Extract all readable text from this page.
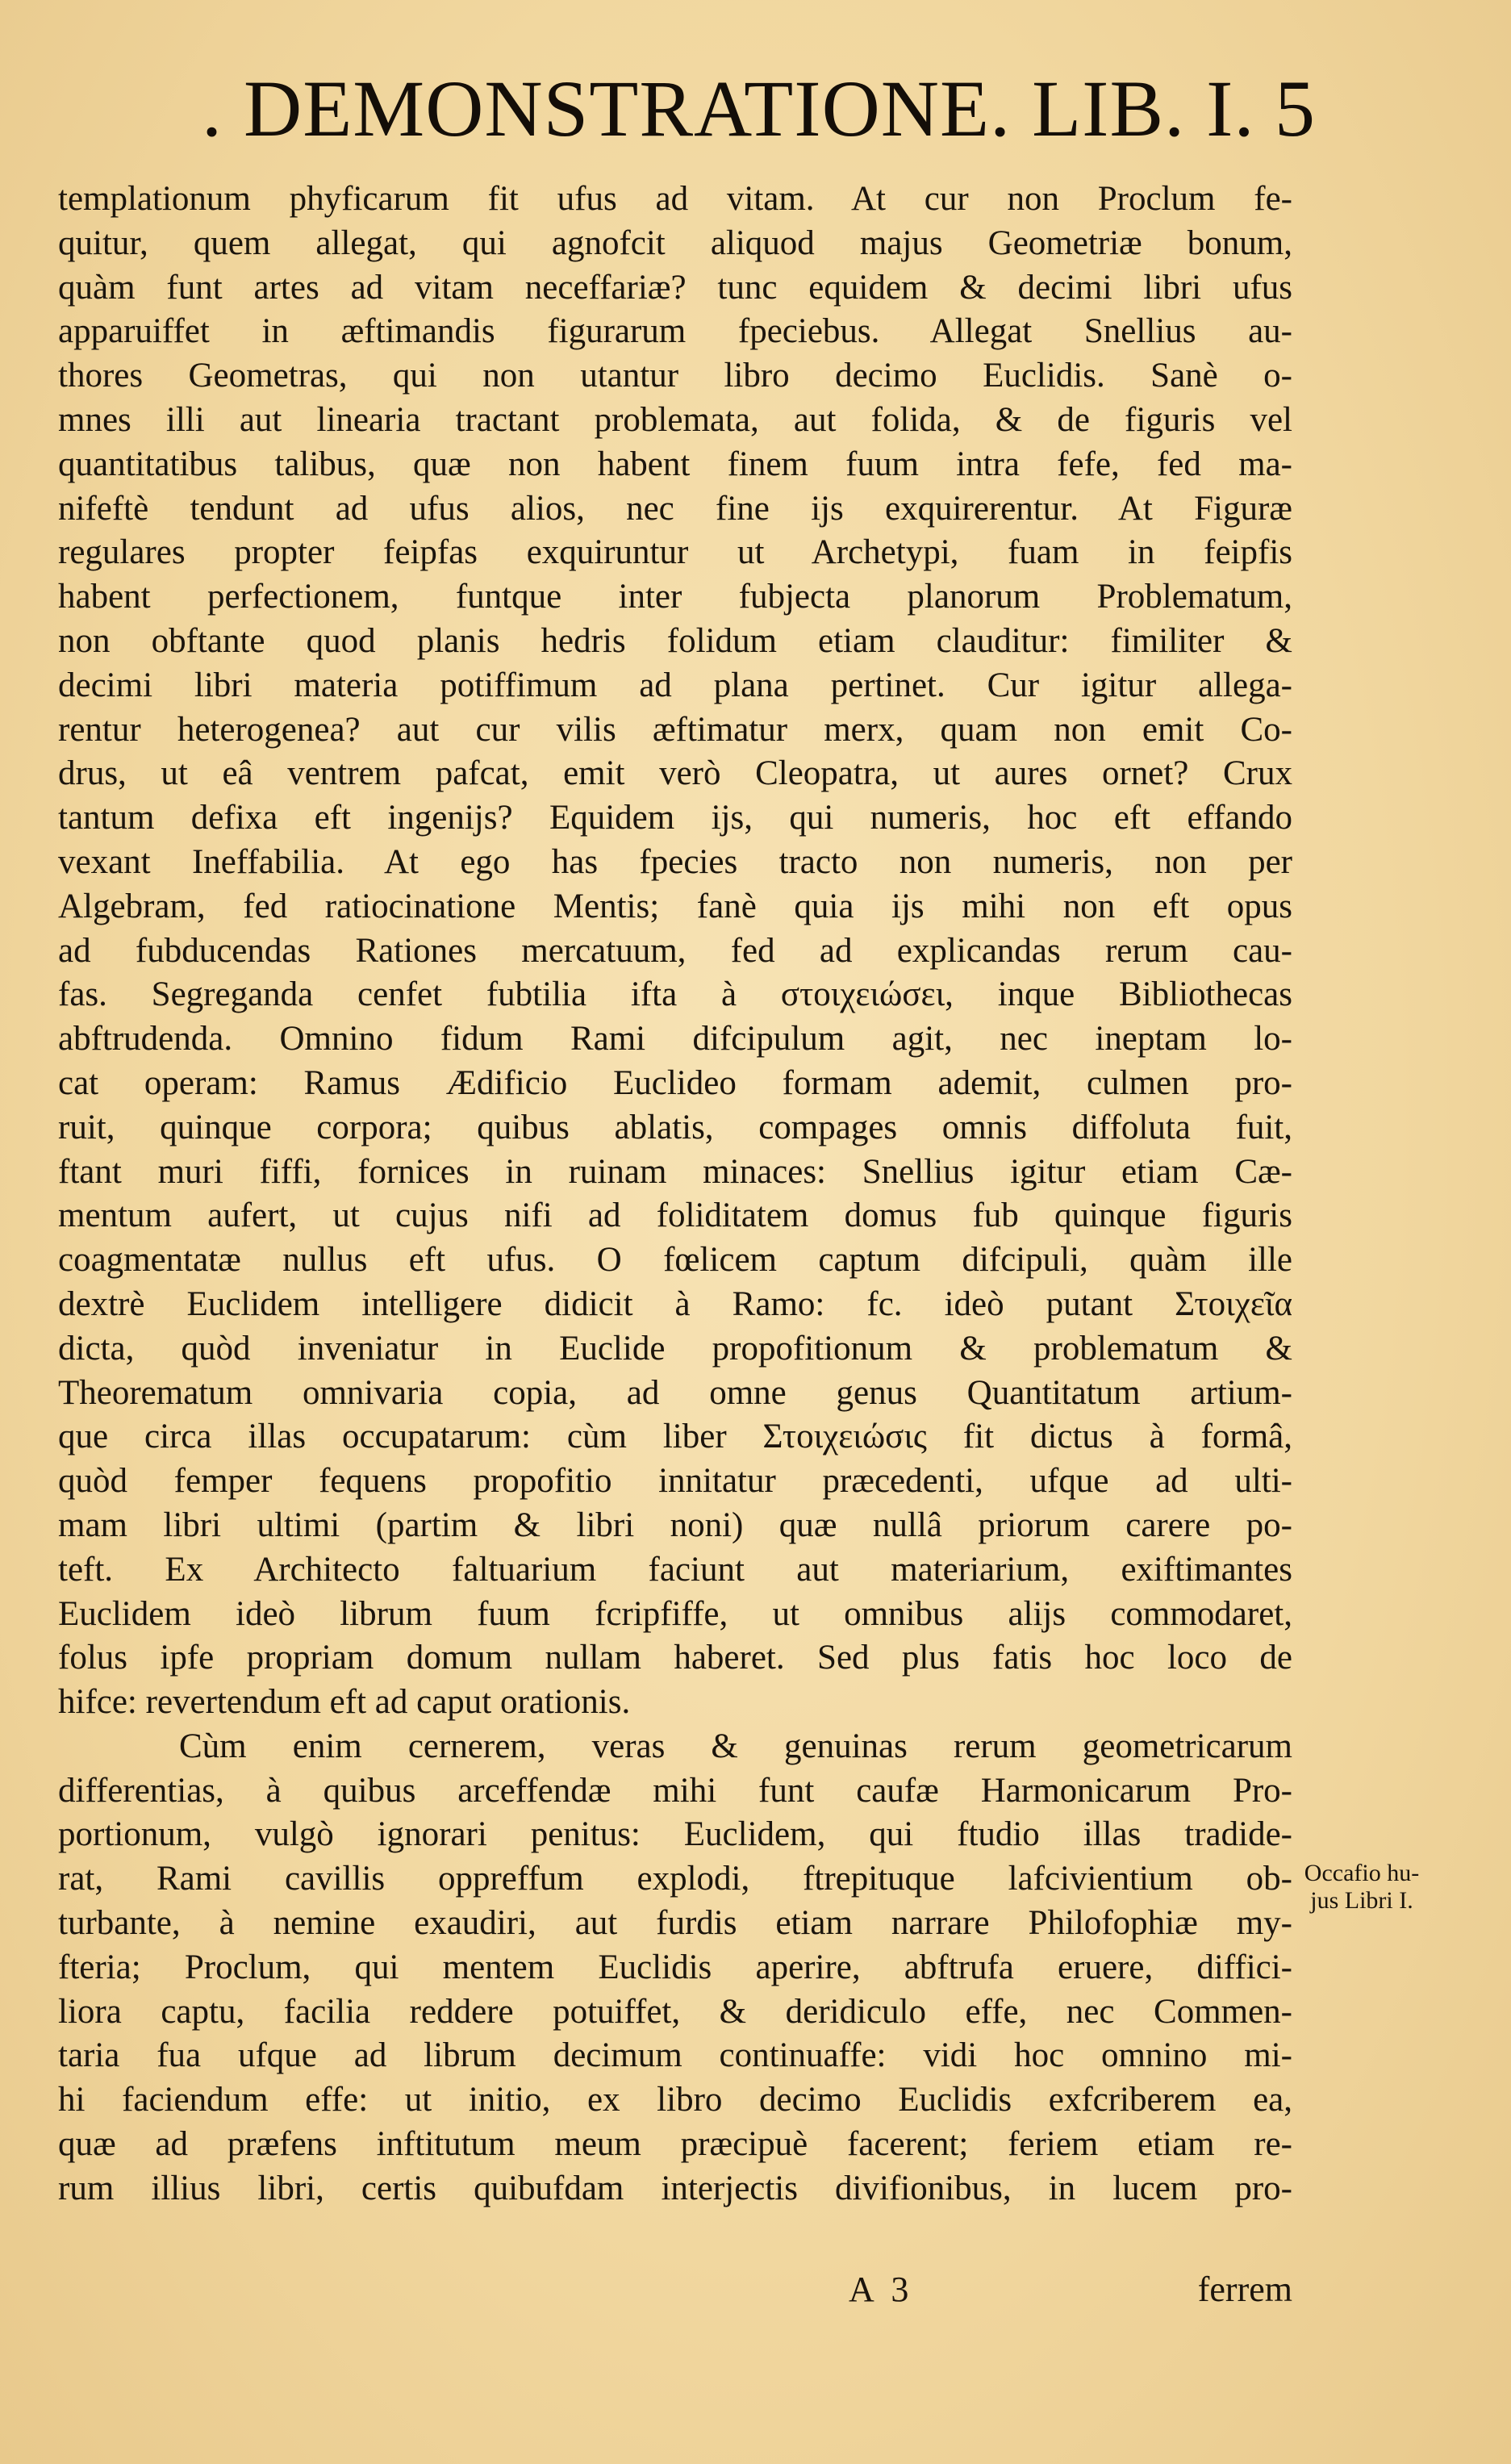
. DEMONSTRATIONE. LIB. I. 5
templationum phyficarum fit ufus ad vitam. At cur non Proclum fe-
quitur, quem allegat, qui agnofcit aliquod majus Geometriæ bonum,
quàm funt artes ad vitam neceffariæ? tunc equidem & decimi libri ufus
apparuiffet in æftimandis figurarum fpeciebus. Allegat Snellius au-
thores Geometras, qui non utantur libro decimo Euclidis. Sanè o-
mnes illi aut linearia tractant problemata, aut folida, & de figuris vel
quantitatibus talibus, quæ non habent finem fuum intra fefe, fed ma-
nifeftè tendunt ad ufus alios, nec fine ijs exquirerentur. At Figuræ
regulares propter feipfas exquiruntur ut Archetypi, fuam in feipfis
habent perfectionem, funtque inter fubjecta planorum Problematum,
non obftante quod planis hedris folidum etiam clauditur: fimiliter &
decimi libri materia potiffimum ad plana pertinet. Cur igitur allega-
rentur heterogenea? aut cur vilis æftimatur merx, quam non emit Co-
drus, ut eâ ventrem pafcat, emit verò Cleopatra, ut aures ornet? Crux
tantum defixa eft ingenijs? Equidem ijs, qui numeris, hoc eft effando
vexant Ineffabilia. At ego has fpecies tracto non numeris, non per
Algebram, fed ratiocinatione Mentis; fanè quia ijs mihi non eft opus
ad fubducendas Rationes mercatuum, fed ad explicandas rerum cau-
fas. Segreganda cenfet fubtilia ifta à στοιχειώσει, inque Bibliothecas
abftrudenda. Omnino fidum Rami difcipulum agit, nec ineptam lo-
cat operam: Ramus Ædificio Euclideo formam ademit, culmen pro-
ruit, quinque corpora; quibus ablatis, compages omnis diffoluta fuit,
ftant muri fiffi, fornices in ruinam minaces: Snellius igitur etiam Cæ-
mentum aufert, ut cujus nifi ad foliditatem domus fub quinque figuris
coagmentatæ nullus eft ufus. O fœlicem captum difcipuli, quàm ille
dextrè Euclidem intelligere didicit à Ramo: fc. ideò putant Στοιχεῖα
dicta, quòd inveniatur in Euclide propofitionum & problematum &
Theorematum omnivaria copia, ad omne genus Quantitatum artium-
que circa illas occupatarum: cùm liber Στοιχειώσις fit dictus à formâ,
quòd femper fequens propofitio innitatur præcedenti, ufque ad ulti-
mam libri ultimi (partim & libri noni) quæ nullâ priorum carere po-
teft. Ex Architecto faltuarium faciunt aut materiarium, exiftimantes
Euclidem ideò librum fuum fcripfiffe, ut omnibus alijs commodaret,
folus ipfe propriam domum nullam haberet. Sed plus fatis hoc loco de
hifce: revertendum eft ad caput orationis.
Cùm enim cernerem, veras & genuinas rerum geometricarum
differentias, à quibus arceffendæ mihi funt caufæ Harmonicarum Pro-
portionum, vulgò ignorari penitus: Euclidem, qui ftudio illas tradide-
rat, Rami cavillis oppreffum explodi, ftrepituque lafcivientium ob-
turbante, à nemine exaudiri, aut furdis etiam narrare Philofophiæ my-
fteria; Proclum, qui mentem Euclidis aperire, abftrufa eruere, diffici-
liora captu, facilia reddere potuiffet, & deridiculo effe, nec Commen-
taria fua ufque ad librum decimum continuaffe: vidi hoc omnino mi-
hi faciendum effe: ut initio, ex libro decimo Euclidis exfcriberem ea,
quæ ad præfens inftitutum meum præcipuè facerent; feriem etiam re-
rum illius libri, certis quibufdam interjectis divifionibus, in lucem pro-
Occafio hu-
jus Libri I.
A 3	ferrem
